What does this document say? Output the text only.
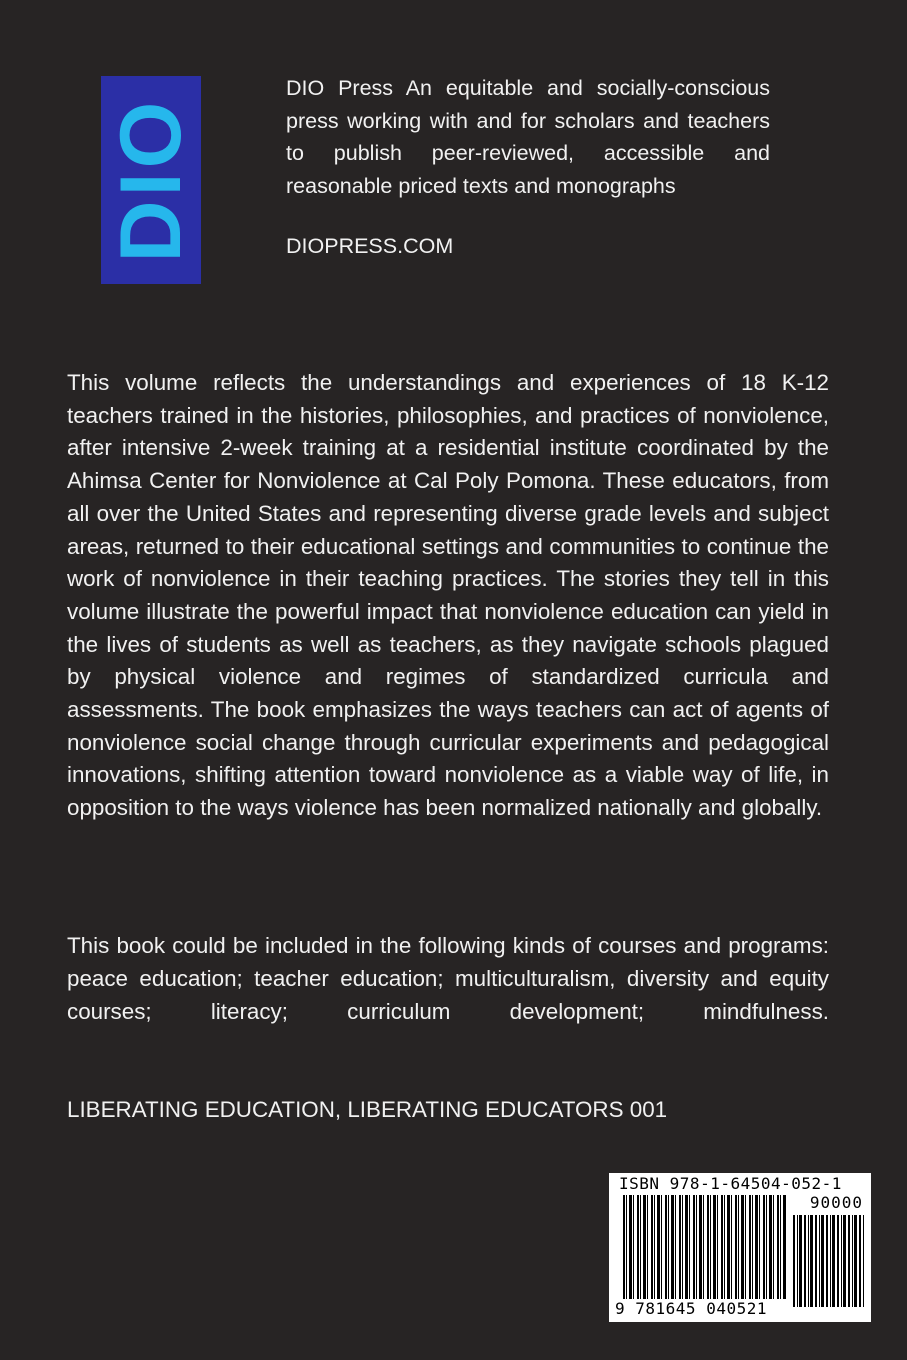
DIO

DIO Press An equitable and socially-conscious press working with and for scholars and teachers to publish peer-reviewed, accessible and reasonable priced texts and monographs

DIOPRESS.COM

This volume reflects the understandings and experiences of 18 K-12 teachers trained in the histories, philosophies, and practices of nonviolence, after intensive 2-week training at a residential institute coordinated by the Ahimsa Center for Nonviolence at Cal Poly Pomona. These educators, from all over the United States and representing diverse grade levels and subject areas, returned to their educational settings and communities to continue the work of nonviolence in their teaching practices. The stories they tell in this volume illustrate the powerful impact that nonviolence education can yield in the lives of students as well as teachers, as they navigate schools plagued by physical violence and regimes of standardized curricula and assessments. The book emphasizes the ways teachers can act of agents of nonviolence social change through curricular experiments and pedagogical innovations, shifting attention toward nonviolence as a viable way of life, in opposition to the ways violence has been normalized nationally and globally.

This book could be included in the following kinds of courses and programs: peace education; teacher education; multiculturalism, diversity and equity courses; literacy; curriculum development; mindfulness.

LIBERATING EDUCATION, LIBERATING EDUCATORS 001

ISBN 978-1-64504-052-1
90000
9 781645 040521
